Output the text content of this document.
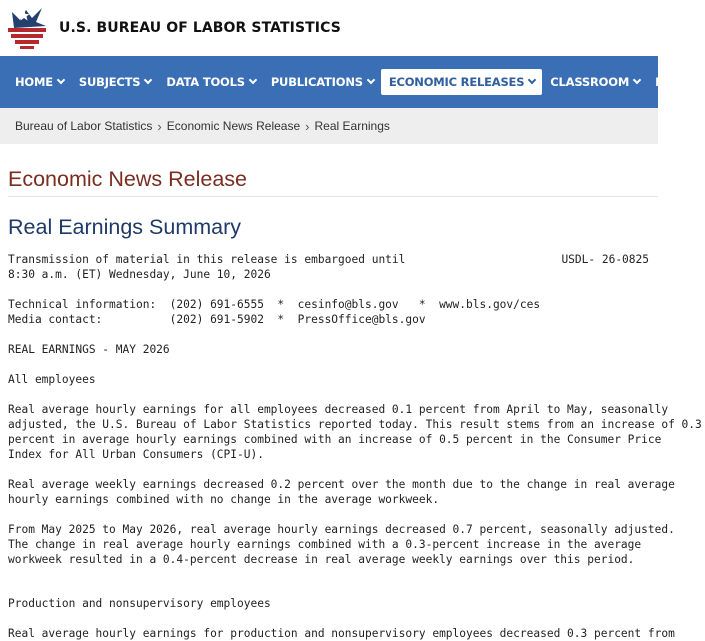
U.S. BUREAU OF LABOR STATISTICS
HOME SUBJECTS DATA TOOLS PUBLICATIONS ECONOMIC RELEASES CLASSROOM BETA
Bureau of Labor Statistics › Economic News Release › Real Earnings
Economic News Release
Real Earnings Summary
Transmission of material in this release is embargoed until	USDL- 26-0825
8:30 a.m. (ET) Wednesday, June 10, 2026
Technical information:  (202) 691-6555  *  cesinfo@bls.gov   *  www.bls.gov/ces
Media contact:          (202) 691-5902  *  PressOffice@bls.gov
REAL EARNINGS - MAY 2026
All employees
Real average hourly earnings for all employees decreased 0.1 percent from April to May, seasonally
adjusted, the U.S. Bureau of Labor Statistics reported today. This result stems from an increase of 0.3
percent in average hourly earnings combined with an increase of 0.5 percent in the Consumer Price
Index for All Urban Consumers (CPI-U).
Real average weekly earnings decreased 0.2 percent over the month due to the change in real average
hourly earnings combined with no change in the average workweek.
From May 2025 to May 2026, real average hourly earnings decreased 0.7 percent, seasonally adjusted.
The change in real average hourly earnings combined with a 0.3-percent increase in the average
workweek resulted in a 0.4-percent decrease in real average weekly earnings over this period.
Production and nonsupervisory employees
Real average hourly earnings for production and nonsupervisory employees decreased 0.3 percent from
